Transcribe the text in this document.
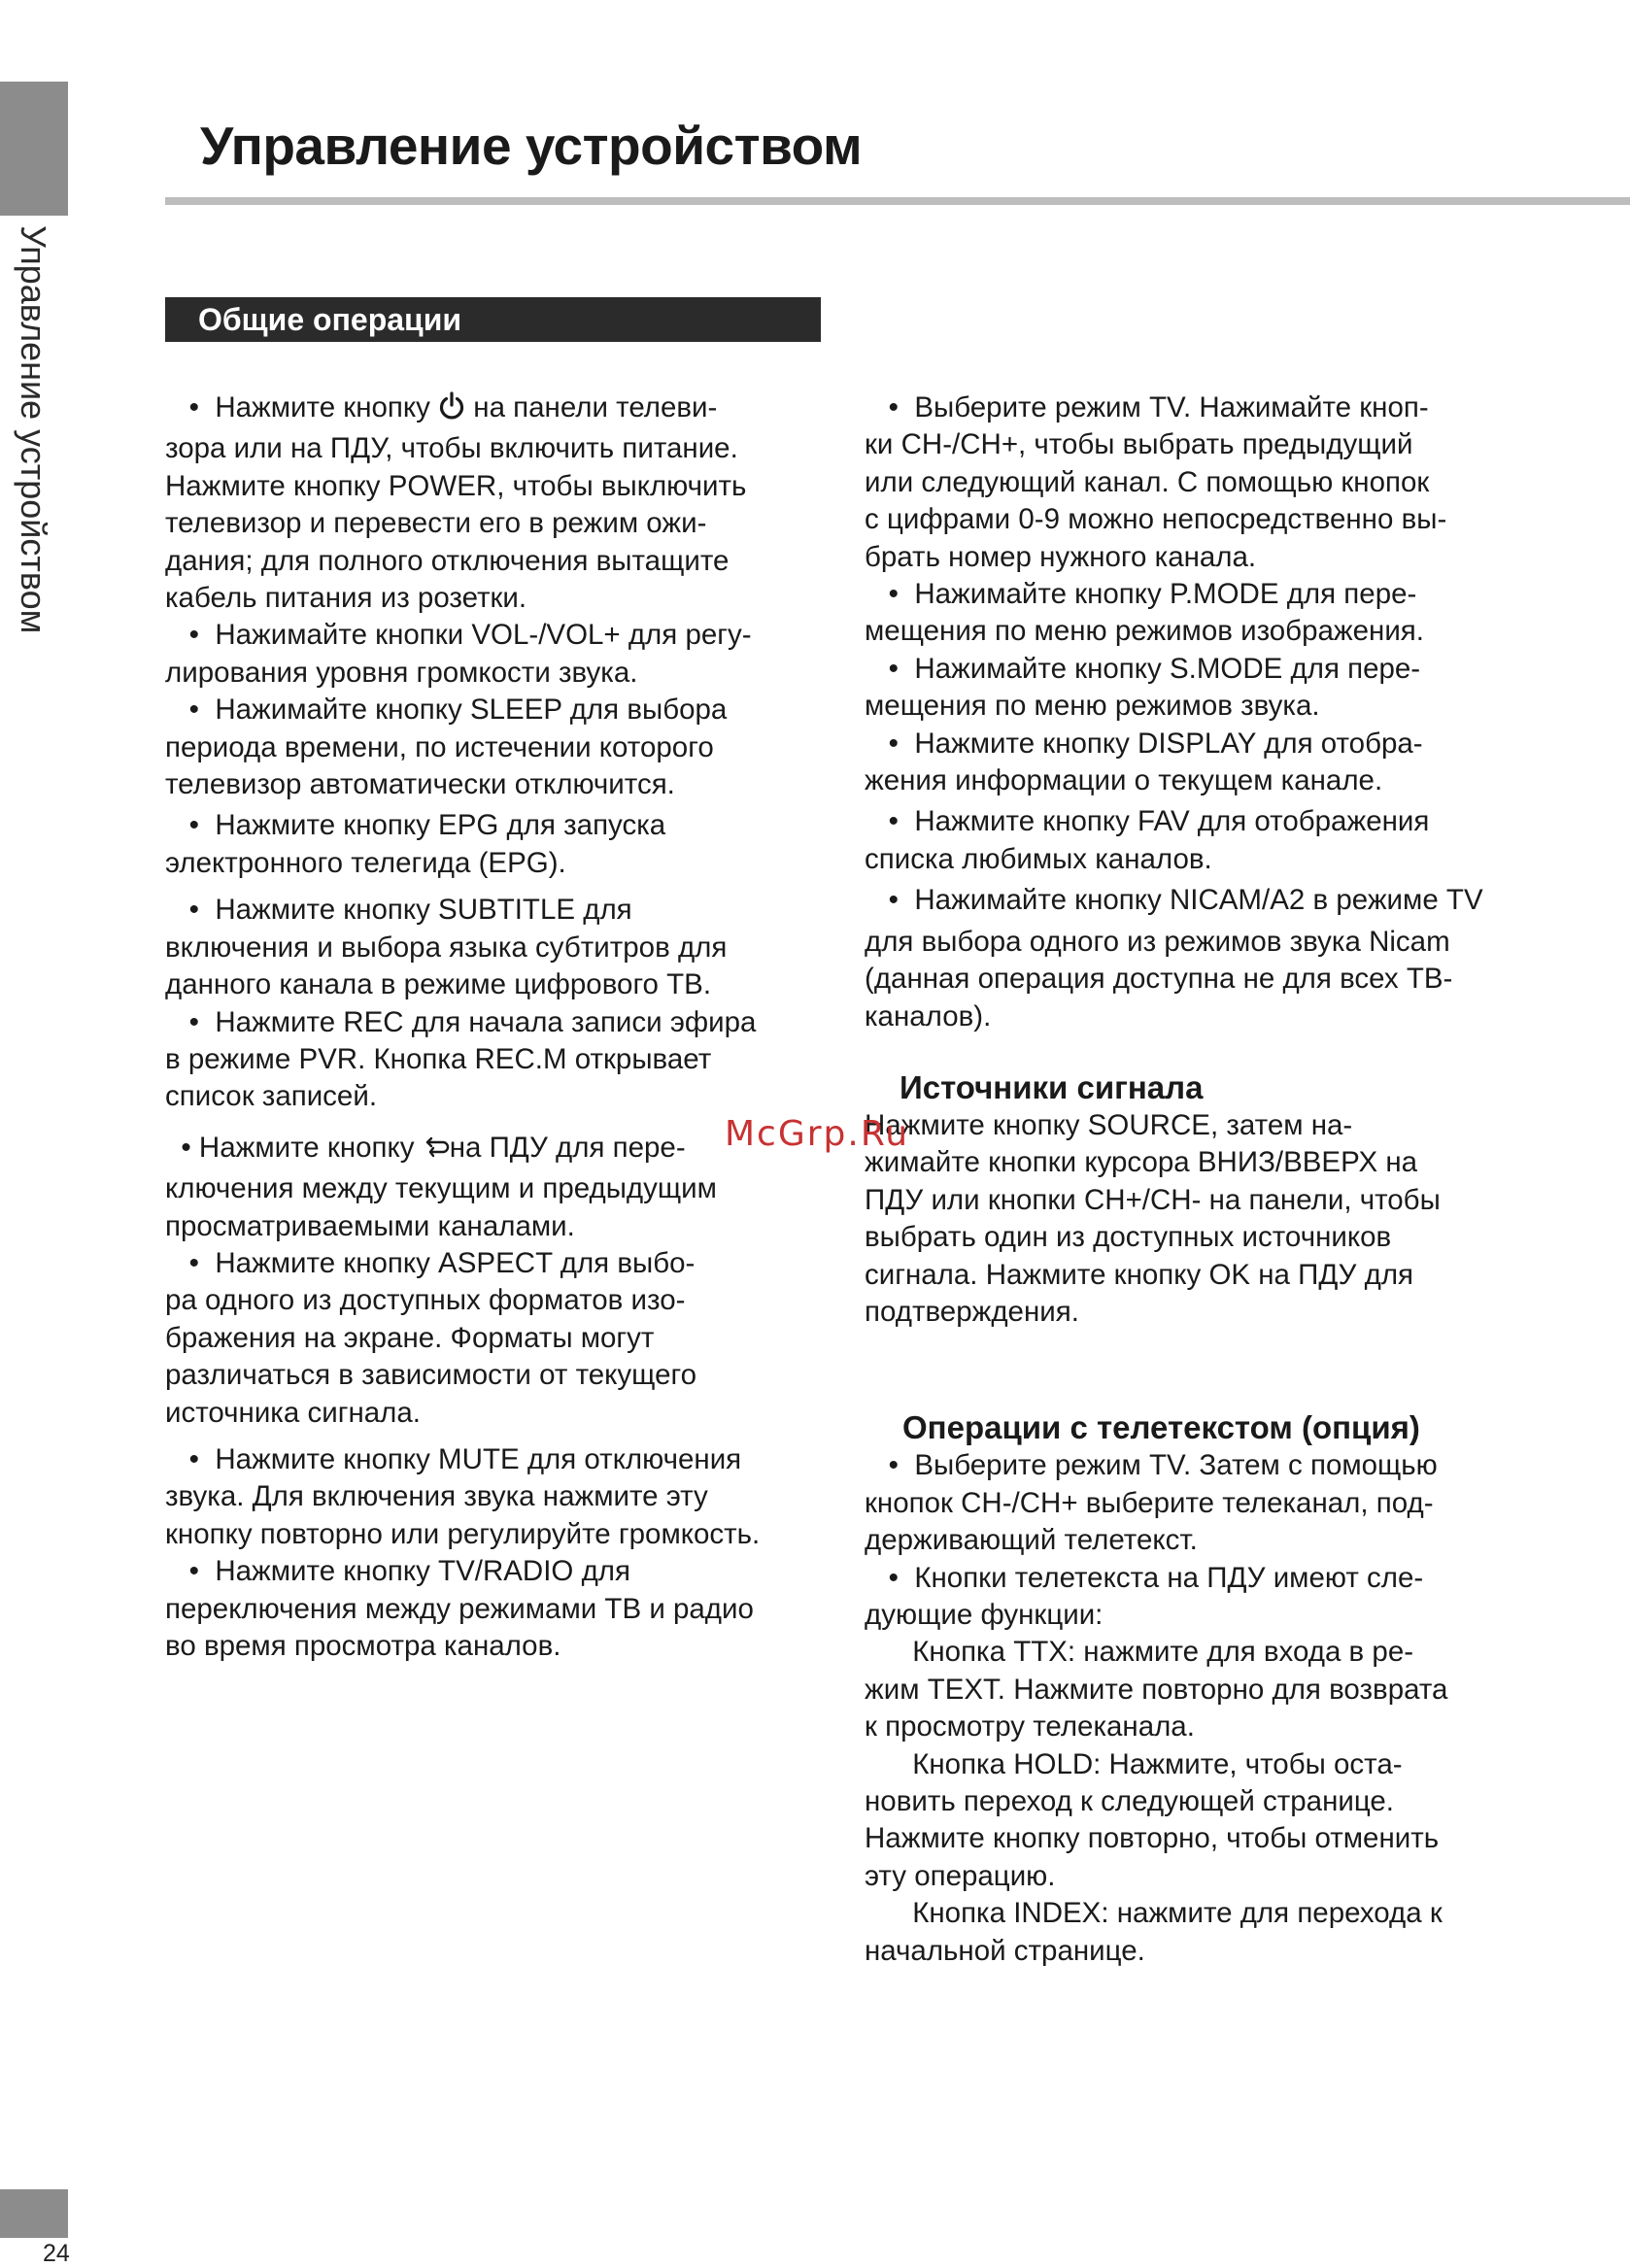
Управление устройством
24
Управление устройством
Общие операции

•  Нажмите кнопку  на панели телеви-

зора или на ПДУ, чтобы включить питание.

Нажмите кнопку POWER, чтобы выключить

телевизор и перевести его в режим ожи-

дания; для полного отключения вытащите

кабель питания из розетки.

•  Нажимайте кнопки VOL-/VOL+ для регу-

лирования уровня громкости звука.

•  Нажимайте кнопку SLEEP для выбора

периода времени, по истечении которого

телевизор автоматически отключится.

•  Нажмите кнопку EPG для запуска

электронного телегида (EPG).

•  Нажмите кнопку SUBTITLE для

включения и выбора языка субтитров для

данного канала в режиме цифрового ТВ.

•  Нажмите REC для начала записи эфира

в режиме PVR. Кнопка REC.M открывает

список записей.

• Нажмите кнопку на ПДУ для пере-

ключения между текущим и предыдущим

просматриваемыми каналами.

•  Нажмите кнопку ASPECT для выбо-

ра одного из доступных форматов изо-

бражения на экране. Форматы могут

различаться в зависимости от текущего

источника сигнала.

•  Нажмите кнопку MUTE для отключения

звука. Для включения звука нажмите эту

кнопку повторно или регулируйте громкость.

•  Нажмите кнопку TV/RADIO для

переключения между режимами ТВ и радио

во время просмотра каналов.

•  Выберите режим TV. Нажимайте кноп-

ки CH-/CH+, чтобы выбрать предыдущий

или следующий канал. С помощью кнопок

с цифрами 0-9 можно непосредственно вы-

брать номер нужного канала.

•  Нажимайте кнопку P.MODE для пере-

мещения по меню режимов изображения.

•  Нажимайте кнопку S.MODE для пере-

мещения по меню режимов звука.

•  Нажмите кнопку DISPLAY для отобра-

жения информации о текущем канале.

•  Нажмите кнопку FAV для отображения

списка любимых каналов.

•  Нажимайте кнопку NICAM/A2 в режиме TV

для выбора одного из режимов звука Nicam

(данная операция доступна не для всех ТВ-

каналов).

Источники сигнала

Нажмите кнопку SOURCE, затем на-

жимайте кнопки курсора ВНИЗ/ВВЕРХ на

ПДУ или кнопки CH+/CH- на панели, чтобы

выбрать один из доступных источников

сигнала. Нажмите кнопку OK на ПДУ для

подтверждения.

Операции с телетекстом (опция)

•  Выберите режим TV. Затем с помощью

кнопок CH-/CH+ выберите телеканал, под-

держивающий телетекст.

•  Кнопки телетекста на ПДУ имеют сле-

дующие функции:

Кнопка TTX: нажмите для входа в ре-

жим TEXT. Нажмите повторно для возврата

к просмотру телеканала.

Кнопка HOLD: Нажмите, чтобы оста-

новить переход к следующей странице.

Нажмите кнопку повторно, чтобы отменить

эту операцию.

Кнопка INDEX: нажмите для перехода к

начальной странице.

McGrp.Ru
